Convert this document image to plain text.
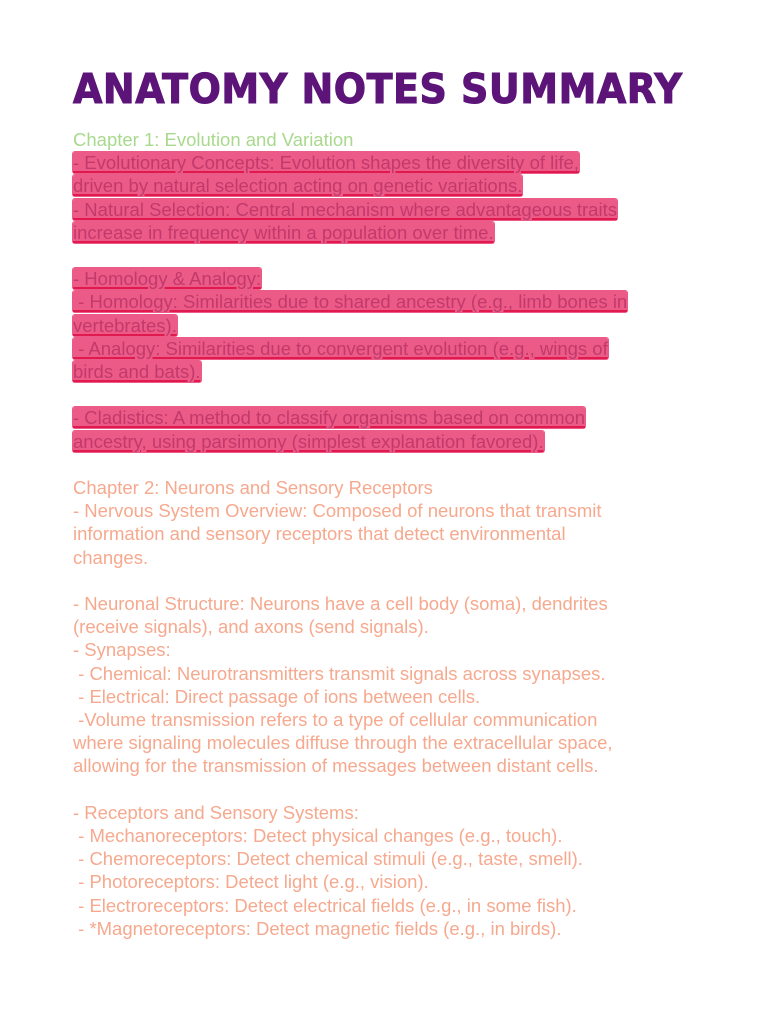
ANATOMY NOTES SUMMARY
Chapter 1: Evolution and Variation
- Evolutionary Concepts: Evolution shapes the diversity of life,
driven by natural selection acting on genetic variations.
- Natural Selection: Central mechanism where advantageous traits
increase in frequency within a population over time.
- Homology & Analogy:
- Homology: Similarities due to shared ancestry (e.g., limb bones in
vertebrates).
- Analogy: Similarities due to convergent evolution (e.g., wings of
birds and bats).
- Cladistics: A method to classify organisms based on common
ancestry, using parsimony (simplest explanation favored).
Chapter 2: Neurons and Sensory Receptors
- Nervous System Overview: Composed of neurons that transmit
information and sensory receptors that detect environmental
changes.
- Neuronal Structure: Neurons have a cell body (soma), dendrites
(receive signals), and axons (send signals).
- Synapses:
- Chemical: Neurotransmitters transmit signals across synapses.
- Electrical: Direct passage of ions between cells.
-Volume transmission refers to a type of cellular communication
where signaling molecules diffuse through the extracellular space,
allowing for the transmission of messages between distant cells.
- Receptors and Sensory Systems:
- Mechanoreceptors: Detect physical changes (e.g., touch).
- Chemoreceptors: Detect chemical stimuli (e.g., taste, smell).
- Photoreceptors: Detect light (e.g., vision).
- Electroreceptors: Detect electrical fields (e.g., in some fish).
- *Magnetoreceptors: Detect magnetic fields (e.g., in birds).
